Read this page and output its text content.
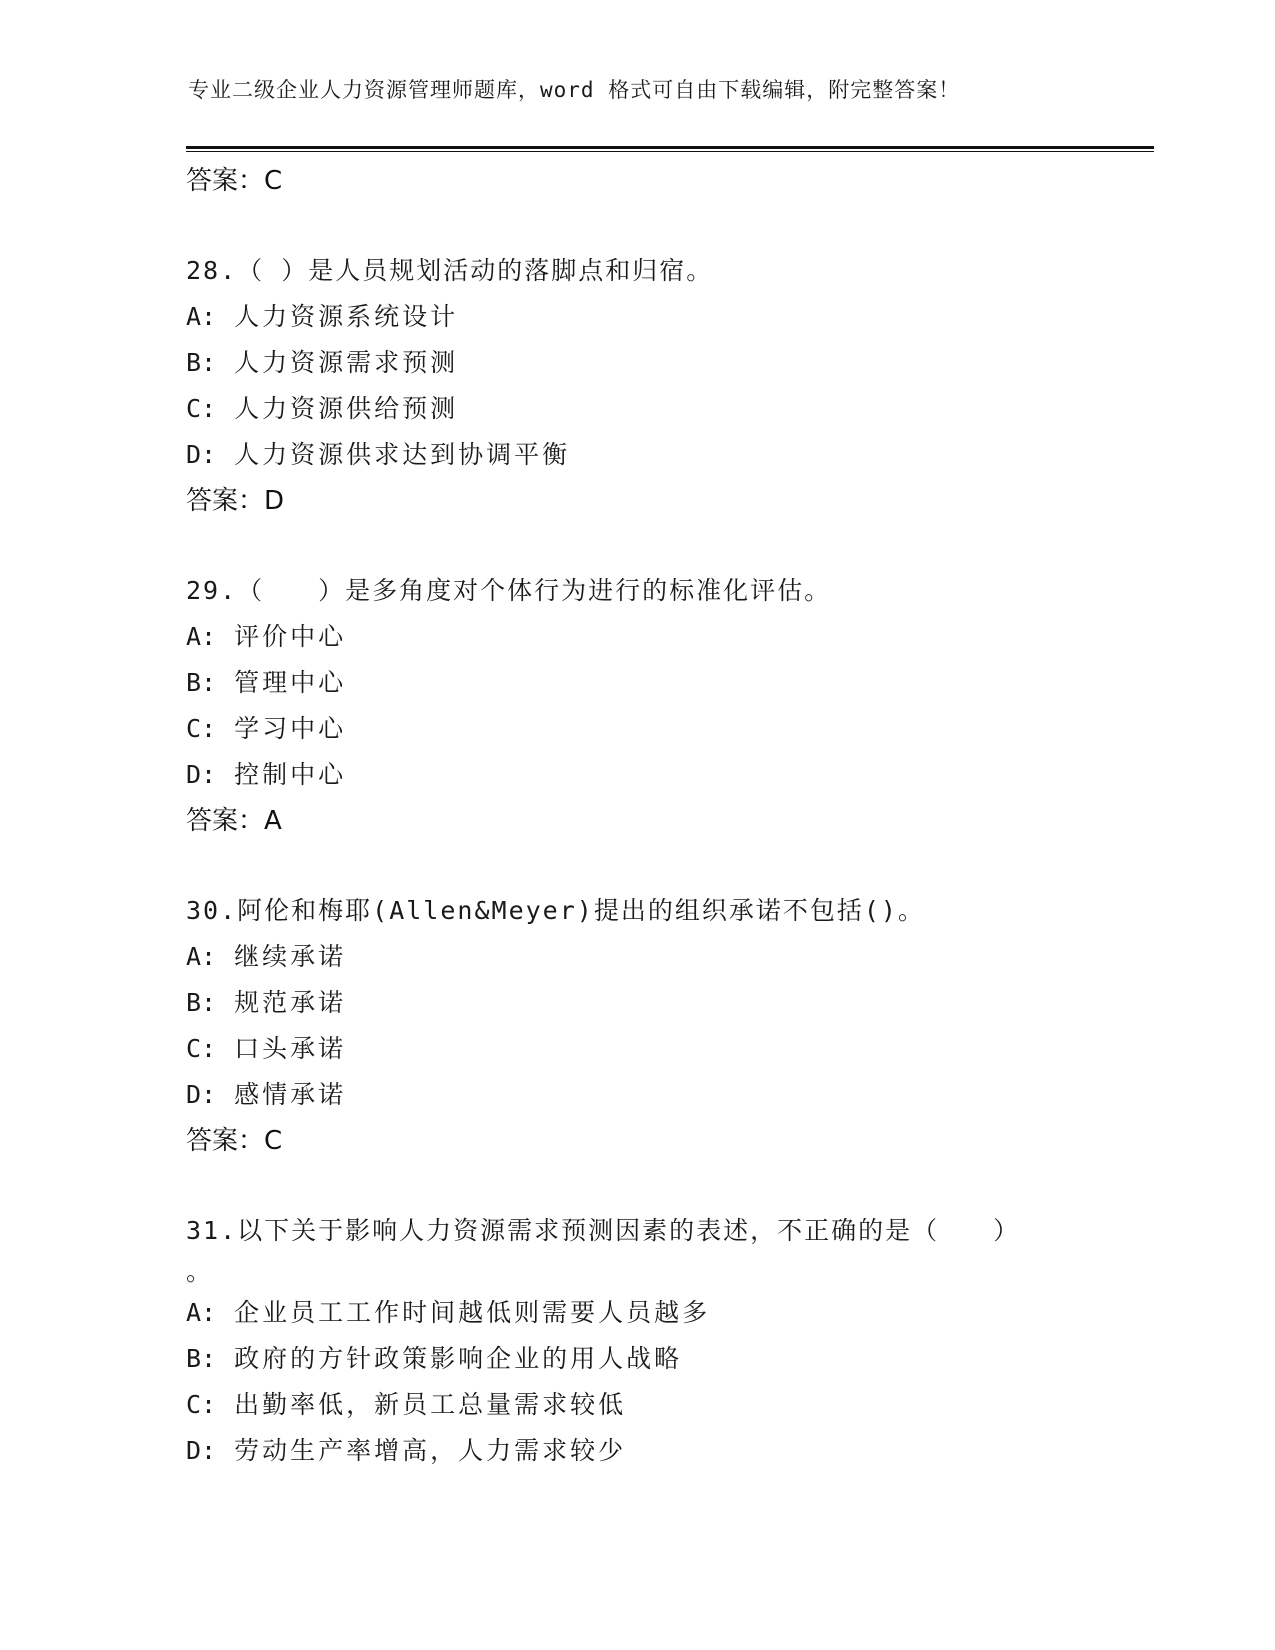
专业二级企业人力资源管理师题库，word 格式可自由下载编辑，附完整答案！
答案：C
28.（ ）是人员规划活动的落脚点和归宿。
A: 人力资源系统设计
B: 人力资源需求预测
C: 人力资源供给预测
D: 人力资源供求达到协调平衡
答案：D
29.（　　）是多角度对个体行为进行的标准化评估。
A: 评价中心
B: 管理中心
C: 学习中心
D: 控制中心
答案：A
30.阿伦和梅耶(Allen&Meyer)提出的组织承诺不包括()。
A: 继续承诺
B: 规范承诺
C: 口头承诺
D: 感情承诺
答案：C
31.以下关于影响人力资源需求预测因素的表述，不正确的是（　　）
。
A: 企业员工工作时间越低则需要人员越多
B: 政府的方针政策影响企业的用人战略
C: 出勤率低，新员工总量需求较低
D: 劳动生产率增高，人力需求较少
